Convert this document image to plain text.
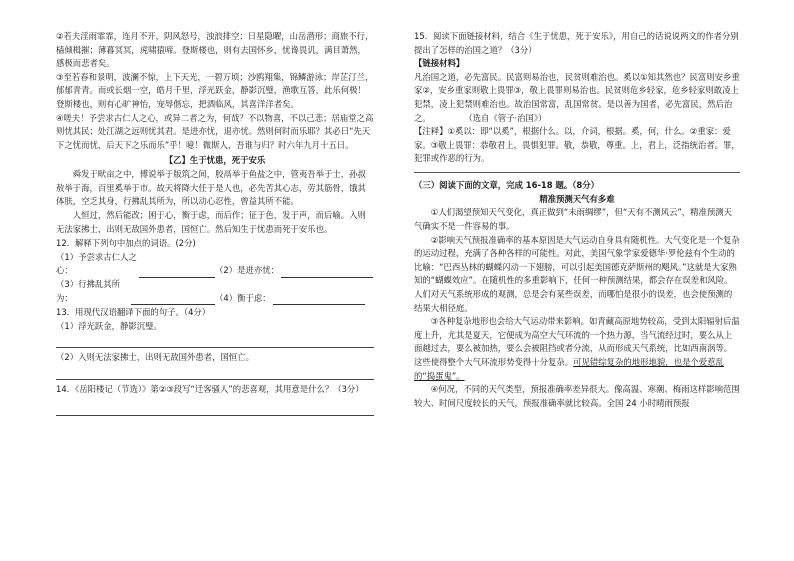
②若夫淫雨霏霏，连月不开，阴风怒号，浊浪排空；日星隐曜，山岳潜形；商旅不行，樯倾楫摧；薄暮冥冥，虎啸猿啼。登斯楼也，则有去国怀乡，忧谗畏讥，满目萧然，感极而悲者矣。

③至若春和景明，波澜不惊，上下天光，一碧万顷；沙鸥翔集，锦鳞游泳；岸芷汀兰，郁郁青青。而或长烟一空，皓月千里，浮光跃金，静影沉璧，渔歌互答，此乐何极！登斯楼也，则有心旷神怡，宠辱偕忘，把酒临风，其喜洋洋者矣。

④嗟夫！予尝求古仁人之心，或异二者之为，何哉？不以物喜，不以己悲；居庙堂之高则忧其民；处江湖之远则忧其君。是进亦忧，退亦忧。然则何时而乐耶？其必曰“先天下之忧而忧，后天下之乐而乐”乎！噫！微斯人，吾谁与归？时六年九月十五日。

【乙】生于忧患，死于安乐

舜发于畎亩之中，傅说举于版筑之间，胶鬲举于鱼盐之中，管夷吾举于士，孙叔敖举于海，百里奚举于市。故天将降大任于是人也，必先苦其心志，劳其筋骨，饿其体肤，空乏其身，行拂乱其所为，所以动心忍性，曾益其所不能。

人恒过，然后能改；困于心，衡于虑，而后作；征于色，发于声，而后喻。入则无法家拂士，出则无敌国外患者，国恒亡。然后知生于忧患而死于安乐也。

12．解释下列句中加点的词语。(2分)

（1）予尝求古仁人之心：	（2）是进亦忧：
（3）行拂乱其所为：	（4）衡于虑：

13．用现代汉语翻译下面的句子。（4分）

（1）浮光跃金，静影沉璧。

（2）入则无法家拂士，出则无敌国外患者，国恒亡。

14．《岳阳楼记（节选）》第②③段写“迁客骚人”的悲喜观，其用意是什么？（3分）

15．阅读下面链接材料，结合《生于忧患，死于安乐》，用自己的话说说两文的作者分别提出了怎样的治国之道？（3分）

【链接材料】

凡治国之道，必先富民。民富则易治也，民贫则难治也。奚以①知其然也？民富则安乡重家②，安乡重家则敬上畏罪③，敬上畏罪则易治也。民贫则危乡轻家，危乡轻家则敢凌上犯禁，凌上犯禁则难治也。故治国常富，乱国常贫。是以善为国者，必先富民，然后治之。　　　　　（选自《管子·治国》）

【注释】①奚以：即“以奚”，根据什么。以，介词，根据。奚，何，什么。②重家：爱家。③敬上畏罪：恭敬君上，畏惧犯罪。敬，恭敬，尊重。上，君上，泛指统治者。罪，犯罪或作恶的行为。

（三）阅读下面的文章，完成 16-18 题。（8分）

精准预测天气有多难

①人们渴望预知天气变化，真正做到“未雨绸缪”，但“天有不测风云”，精准预测天气确实不是一件容易的事。

②影响天气预报准确率的基本原因是大气运动自身具有随机性。大气变化是一个复杂的运动过程，充满了各种各样的可能性。对此，美国气象学家爱德华·罗伦兹有个生动的比喻：“巴西丛林的蝴蝶闪动一下翅膀，可以引起美国德克萨斯州的飓风。”这就是大家熟知的“蝴蝶效应”。在随机性的多重影响下，任何一种预测结果，都会存在误差和风险。人们对天气系统形成的观测，总是会有某些误差，而哪怕是很小的误差，也会使预测的结果大相径庭。

③各种复杂地形也会给大气运动带来影响。如青藏高原地势较高，受到太阳辐射后温度上升，尤其是夏天，它便成为高空大气环流的一个热力源，当气流经过时，要么从上面越过去，要么被加热，要么会被阻挡或者分流，从而形成天气系统，比如西南涡等。这些使得整个大气环流形势变得十分复杂。可见错综复杂的地形地貌，也是个爱惹乱的“捣蛋鬼”。

④何况，不同的天气类型，预报准确率差异很大。像高温、寒潮、梅雨这样影响范围较大、时间尺度较长的天气，预报准确率就比较高。全国 24 小时晴雨预报
